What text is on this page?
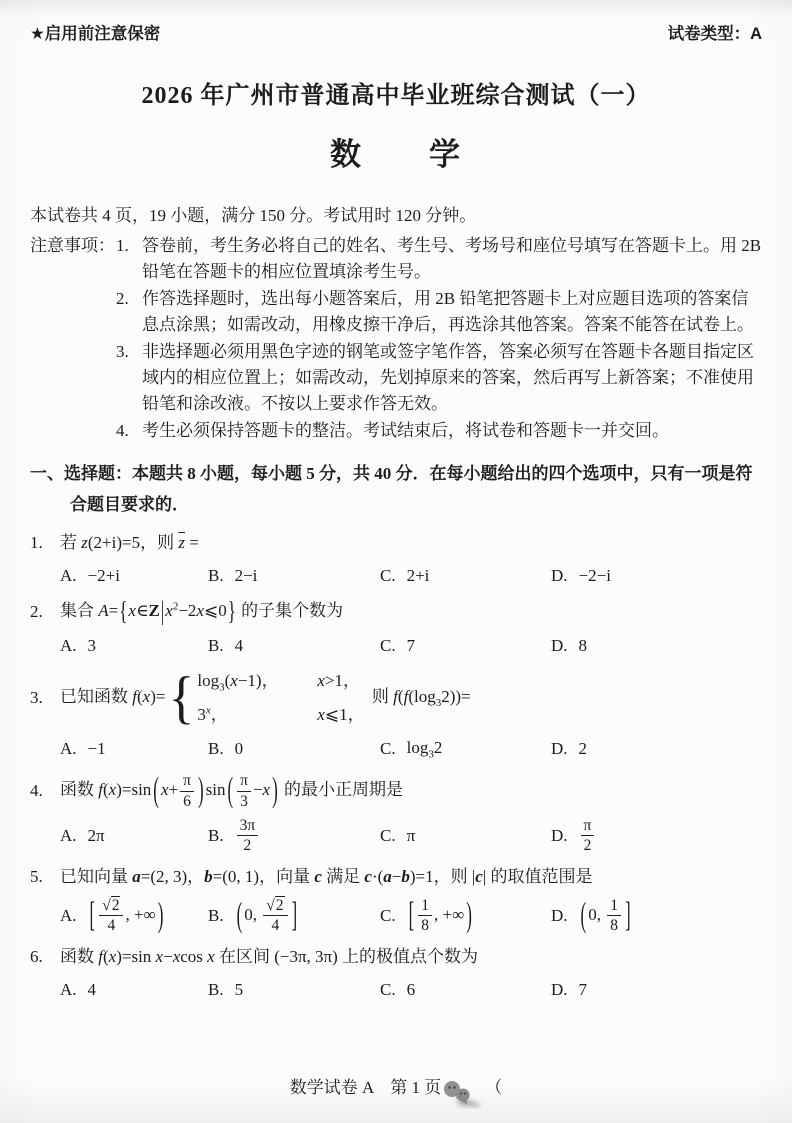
★启用前注意保密	试卷类型：A
2026 年广州市普通高中毕业班综合测试（一）
数　　学

本试卷共 4 页，19 小题，满分 150 分。考试用时 120 分钟。

注意事项： 1. 答卷前，考生务必将自己的姓名、考生号、考场号和座位号填写在答题卡上。用 2B 铅笔在答题卡的相应位置填涂考生号。
2. 作答选择题时，选出每小题答案后，用 2B 铅笔把答题卡上对应题目选项的答案信息点涂黑；如需改动，用橡皮擦干净后，再选涂其他答案。答案不能答在试卷上。
3. 非选择题必须用黑色字迹的钢笔或签字笔作答，答案必须写在答题卡各题目指定区域内的相应位置上；如需改动，先划掉原来的答案，然后再写上新答案；不准使用铅笔和涂改液。不按以上要求作答无效。
4. 考生必须保持答题卡的整洁。考试结束后，将试卷和答题卡一并交回。

一、选择题：本题共 8 小题，每小题 5 分，共 40 分．在每小题给出的四个选项中，只有一项是符合题目要求的．

1.	若 z(2+i)=5，则 $\overline{z}$ =
A. −2+i	B. 2−i	C. 2+i	D. −2−i
2.	集合 $A=\{x\in Z|x^2-2x⩽0\}$ 的子集个数为
A. 3	B. 4	C. 7	D. 8
3.	已知函数 f(x)= { $\log_3(x-1)$，	x>1，
3$^x$，	x⩽1，
则 $f(f(\log_32))=$
A. −1	B. 0	C. $\log_32$	D. 2
4.	函数 f(x)=sin ( $x+ \frac{\pi}{6}$ ) sin ( $\frac{\pi}{3} -x$ ) 的最小正周期是
A. 2π	B. $\frac{3\pi}{2}$	C. π	D. $\frac{\pi}{2}$
5.	已知向量 a=(2, 3)，b=(0, 1)，向量 c 满足 c·(a−b)=1，则 |c| 的取值范围是
A. [ $\frac{√2}{4}$ , +∞ )	B. ( 0, $\frac{√2}{4}$ ]	C. [ $\frac{1}{8}$ , +∞ )	D. ( 0, $\frac{1}{8}$ ]
6.	函数 f(x)=sin x−xcos x 在区间 (−3π, 3π) 上的极值点个数为
A. 4	B. 5	C. 6	D. 7
数学试卷 A　第 1 页	（
